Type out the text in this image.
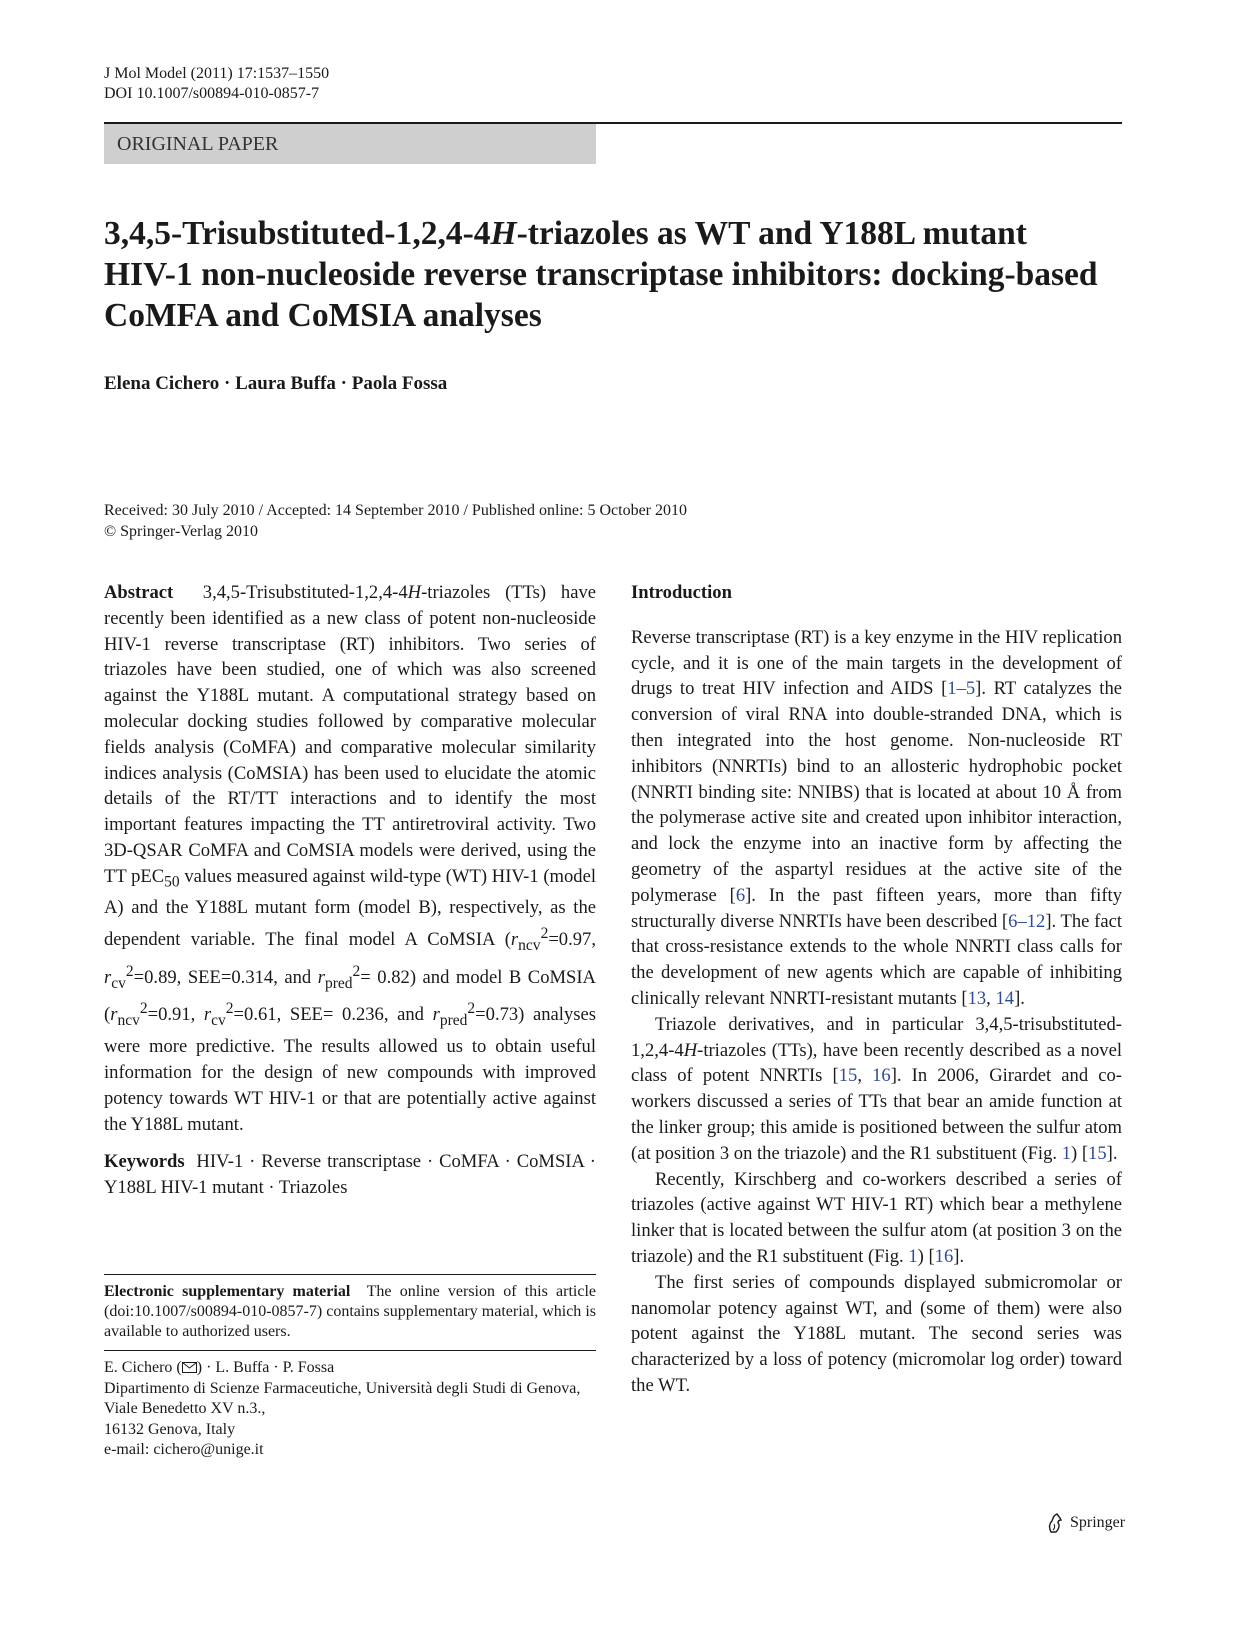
J Mol Model (2011) 17:1537–1550
DOI 10.1007/s00894-010-0857-7
ORIGINAL PAPER
3,4,5-Trisubstituted-1,2,4-4H-triazoles as WT and Y188L mutant HIV-1 non-nucleoside reverse transcriptase inhibitors: docking-based CoMFA and CoMSIA analyses
Elena Cichero · Laura Buffa · Paola Fossa
Received: 30 July 2010 / Accepted: 14 September 2010 / Published online: 5 October 2010
© Springer-Verlag 2010

Abstract 3,4,5-Trisubstituted-1,2,4-4H-triazoles (TTs) have recently been identified as a new class of potent non-nucleoside HIV-1 reverse transcriptase (RT) inhibitors. Two series of triazoles have been studied, one of which was also screened against the Y188L mutant. A computational strategy based on molecular docking studies followed by comparative molecular fields analysis (CoMFA) and comparative molecular similarity indices analysis (CoMSIA) has been used to elucidate the atomic details of the RT/TT interactions and to identify the most important features impacting the TT antiretroviral activity. Two 3D-QSAR CoMFA and CoMSIA models were derived, using the TT pEC$_{50}$ values measured against wild-type (WT) HIV-1 (model A) and the Y188L mutant form (model B), respectively, as the dependent variable. The final model A CoMSIA ($r_{ncv}^2=0.97$, $r_{cv}^2=0.89$, SEE=0.314, and $r_{pred}^2= 0.82$) and model B CoMSIA ($r_{ncv}^2=0.91$, $r_{cv}^2=0.61$, SEE= 0.236, and $r_{pred}^2=0.73$) analyses were more predictive. The results allowed us to obtain useful information for the design of new compounds with improved potency towards WT HIV-1 or that are potentially active against the Y188L mutant.

Keywords HIV-1 · Reverse transcriptase · CoMFA · CoMSIA · Y188L HIV-1 mutant · Triazoles

Electronic supplementary material The online version of this article (doi:10.1007/s00894-010-0857-7) contains supplementary material, which is available to authorized users.
E. Cichero ( ) · L. Buffa · P. Fossa
Dipartimento di Scienze Farmaceutiche, Università degli Studi di Genova,
Viale Benedetto XV n.3.,
16132 Genova, Italy
e-mail: cichero@unige.it

Introduction

Reverse transcriptase (RT) is a key enzyme in the HIV replication cycle, and it is one of the main targets in the development of drugs to treat HIV infection and AIDS [1–5]. RT catalyzes the conversion of viral RNA into double-stranded DNA, which is then integrated into the host genome. Non-nucleoside RT inhibitors (NNRTIs) bind to an allosteric hydrophobic pocket (NNRTI binding site: NNIBS) that is located at about 10 Å from the polymerase active site and created upon inhibitor interaction, and lock the enzyme into an inactive form by affecting the geometry of the aspartyl residues at the active site of the polymerase [6]. In the past fifteen years, more than fifty structurally diverse NNRTIs have been described [6–12]. The fact that cross-resistance extends to the whole NNRTI class calls for the development of new agents which are capable of inhibiting clinically relevant NNRTI-resistant mutants [13, 14].

Triazole derivatives, and in particular 3,4,5-trisubstituted-1,2,4-4H-triazoles (TTs), have been recently described as a novel class of potent NNRTIs [15, 16]. In 2006, Girardet and co-workers discussed a series of TTs that bear an amide function at the linker group; this amide is positioned between the sulfur atom (at position 3 on the triazole) and the R1 substituent (Fig. 1) [15].

Recently, Kirschberg and co-workers described a series of triazoles (active against WT HIV-1 RT) which bear a methylene linker that is located between the sulfur atom (at position 3 on the triazole) and the R1 substituent (Fig. 1) [16].

The first series of compounds displayed submicromolar or nanomolar potency against WT, and (some of them) were also potent against the Y188L mutant. The second series was characterized by a loss of potency (micromolar log order) toward the WT.

Springer
